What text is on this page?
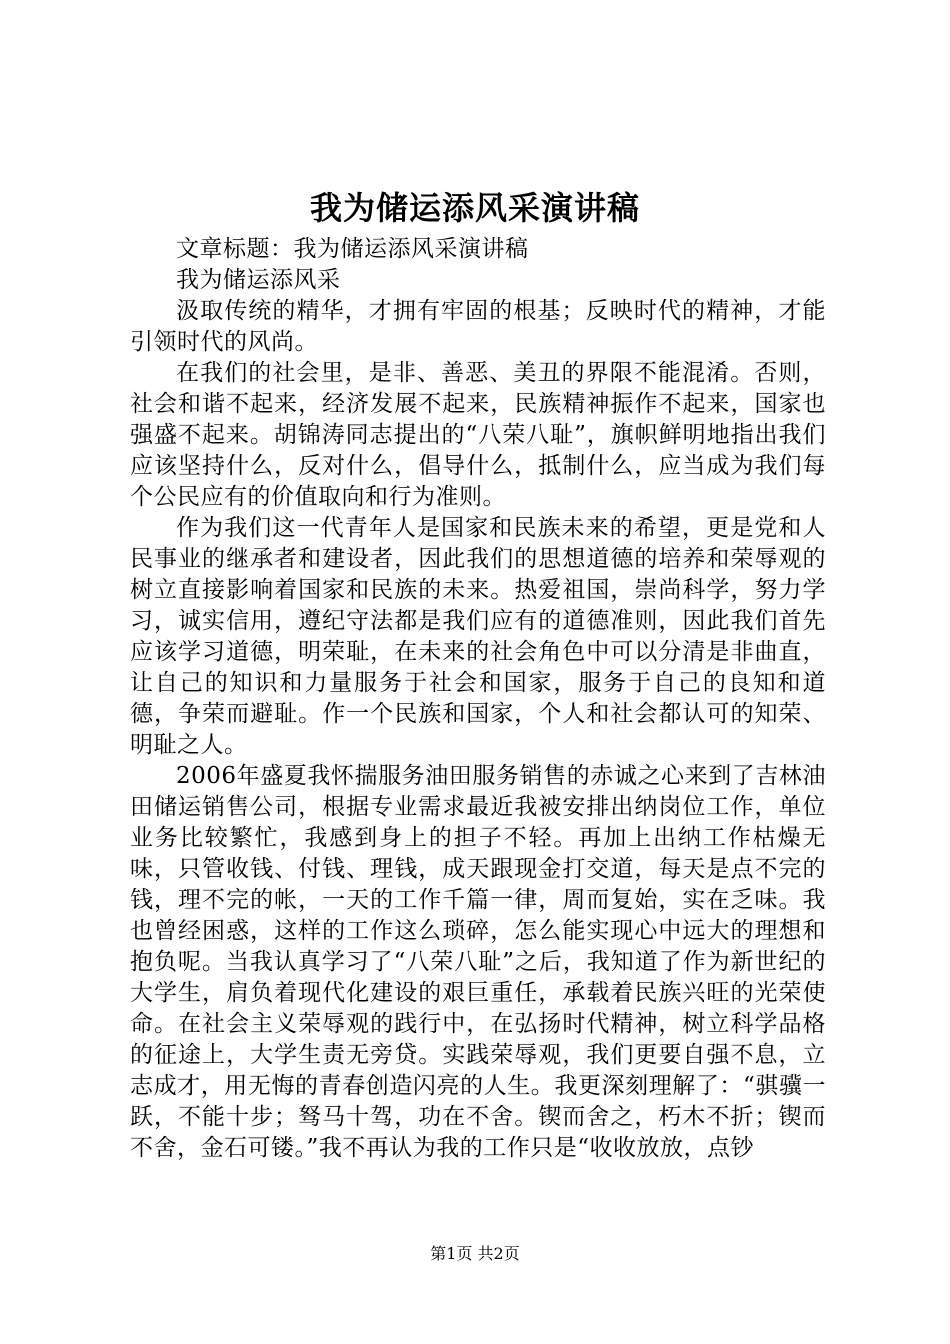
我为储运添风采演讲稿

文章标题：我为储运添风采演讲稿

我为储运添风采

汲取传统的精华，才拥有牢固的根基；反映时代的精神，才能引领时代的风尚。

在我们的社会里，是非、善恶、美丑的界限不能混淆。否则，社会和谐不起来，经济发展不起来，民族精神振作不起来，国家也强盛不起来。胡锦涛同志提出的“八荣八耻”，旗帜鲜明地指出我们应该坚持什么，反对什么，倡导什么，抵制什么，应当成为我们每个公民应有的价值取向和行为准则。

作为我们这一代青年人是国家和民族未来的希望，更是党和人民事业的继承者和建设者，因此我们的思想道德的培养和荣辱观的树立直接影响着国家和民族的未来。热爱祖国，崇尚科学，努力学习，诚实信用，遵纪守法都是我们应有的道德准则，因此我们首先应该学习道德，明荣耻，在未来的社会角色中可以分清是非曲直，让自己的知识和力量服务于社会和国家，服务于自己的良知和道德，争荣而避耻。作一个民族和国家，个人和社会都认可的知荣、明耻之人。

2006年盛夏我怀揣服务油田服务销售的赤诚之心来到了吉林油田储运销售公司，根据专业需求最近我被安排出纳岗位工作，单位业务比较繁忙，我感到身上的担子不轻。再加上出纳工作枯燥无味，只管收钱、付钱、理钱，成天跟现金打交道，每天是点不完的钱，理不完的帐，一天的工作千篇一律，周而复始，实在乏味。我也曾经困惑，这样的工作这么琐碎，怎么能实现心中远大的理想和抱负呢。当我认真学习了“八荣八耻”之后，我知道了作为新世纪的大学生，肩负着现代化建设的艰巨重任，承载着民族兴旺的光荣使命。在社会主义荣辱观的践行中，在弘扬时代精神，树立科学品格的征途上，大学生责无旁贷。实践荣辱观，我们更要自强不息，立志成才，用无悔的青春创造闪亮的人生。我更深刻理解了：“骐骥一跃，不能十步；驽马十驾，功在不舍。锲而舍之，朽木不折；锲而不舍，金石可镂。”我不再认为我的工作只是“收收放放，点钞

第1页 共2页
